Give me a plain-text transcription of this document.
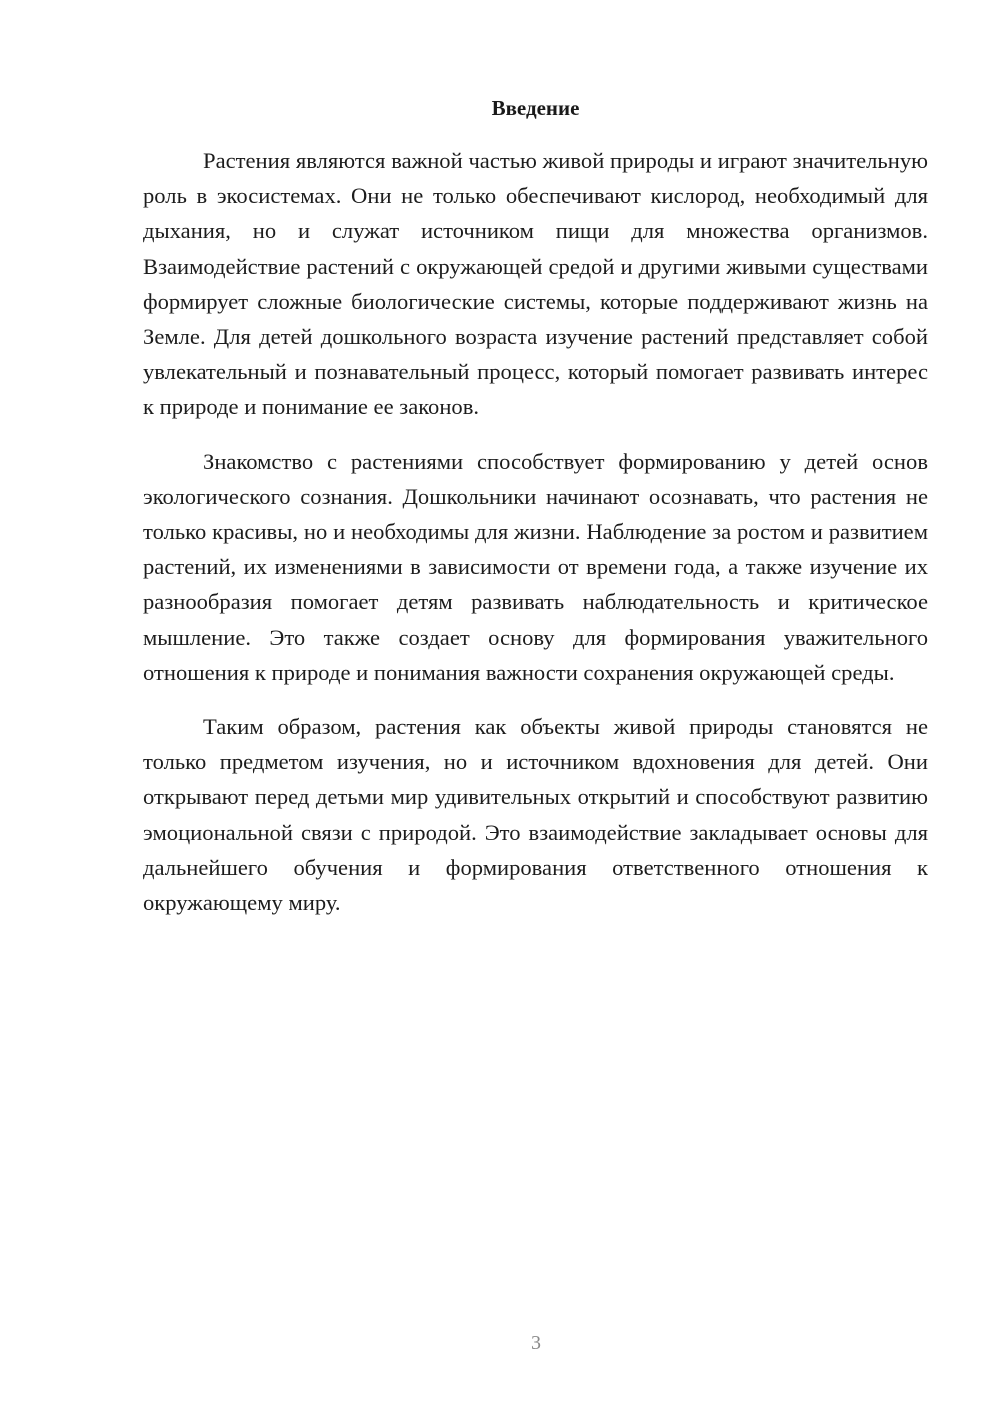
Введение

Растения являются важной частью живой природы и играют значительную роль в экосистемах. Они не только обеспечивают кислород, необходимый для дыхания, но и служат источником пищи для множества организмов. Взаимодействие растений с окружающей средой и другими живыми существами формирует сложные биологические системы, которые поддерживают жизнь на Земле. Для детей дошкольного возраста изучение растений представляет собой увлекательный и познавательный процесс, который помогает развивать интерес к природе и понимание ее законов.

Знакомство с растениями способствует формированию у детей основ экологического сознания. Дошкольники начинают осознавать, что растения не только красивы, но и необходимы для жизни. Наблюдение за ростом и развитием растений, их изменениями в зависимости от времени года, а также изучение их разнообразия помогает детям развивать наблюдательность и критическое мышление. Это также создает основу для формирования уважительного отношения к природе и понимания важности сохранения окружающей среды.

Таким образом, растения как объекты живой природы становятся не только предметом изучения, но и источником вдохновения для детей. Они открывают перед детьми мир удивительных открытий и способствуют развитию эмоциональной связи с природой. Это взаимодействие закладывает основы для дальнейшего обучения и формирования ответственного отношения к окружающему миру.

3
